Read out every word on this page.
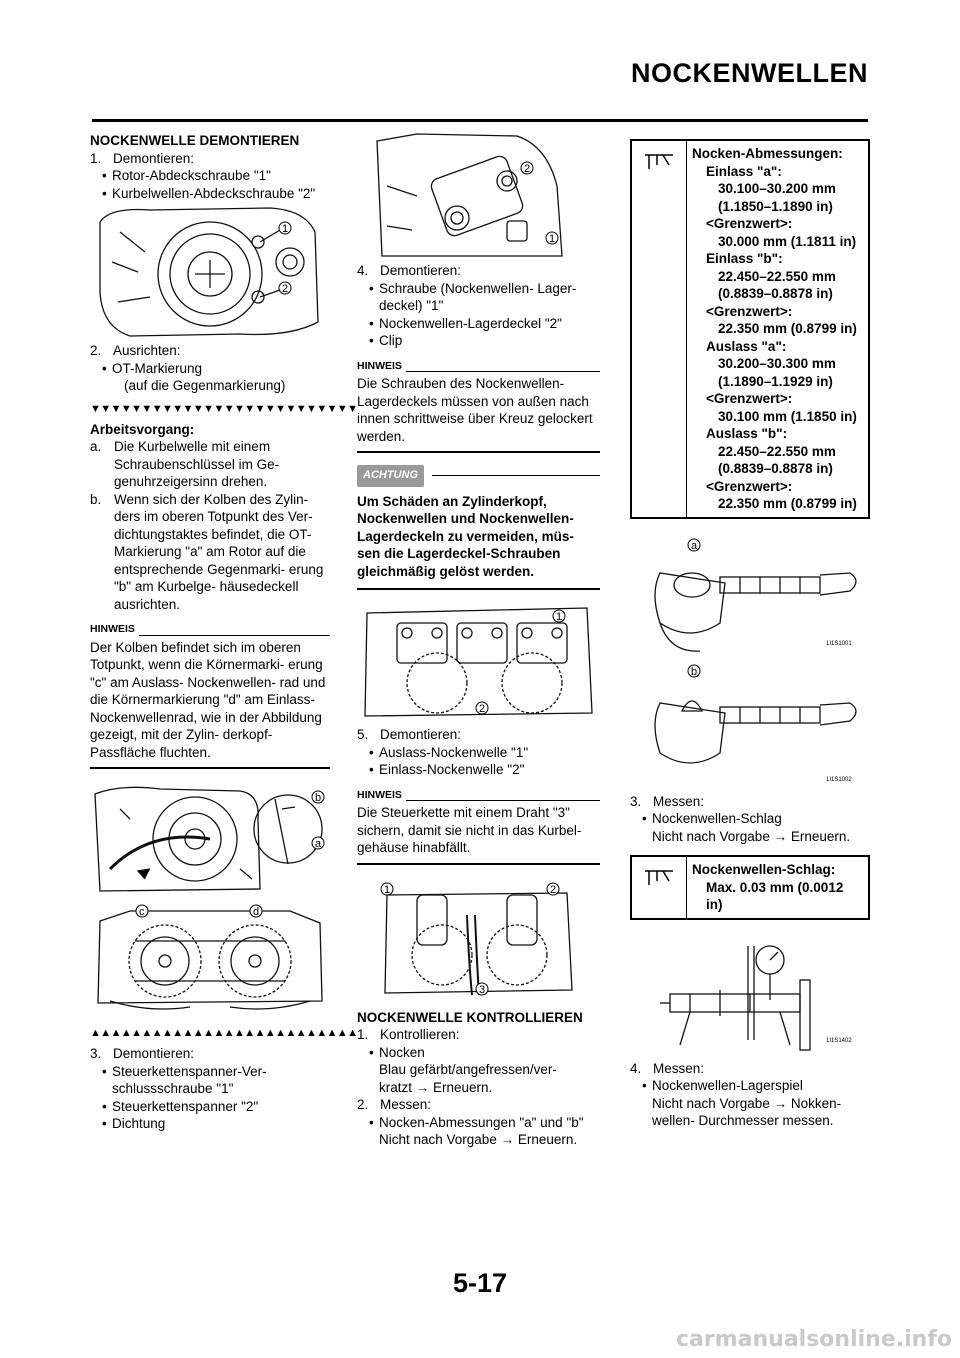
NOCKENWELLEN
NOCKENWELLE DEMONTIEREN
1. Demontieren:
• Rotor-Abdeckschraube "1"
• Kurbelwellen-Abdeckschraube "2"
1
2
2. Ausrichten:
• OT-Markierung
(auf die Gegenmarkierung)
▼▼▼▼▼▼▼▼▼▼▼▼▼▼▼▼▼▼▼▼▼▼▼▼▼▼
Arbeitsvorgang:
a. Die Kurbelwelle mit einem Schraubenschlüssel im Ge- genuhrzeigersinn drehen.
b. Wenn sich der Kolben des Zylin- ders im oberen Totpunkt des Ver- dichtungstaktes befindet, die OT- Markierung "a" am Rotor auf die entsprechende Gegenmarki- erung "b" am Kurbelge- häusedeckell ausrichten.
HINWEIS
Der Kolben befindet sich im oberen Totpunkt, wenn die Körnermarki- erung "c" am Auslass- Nockenwellen- rad und die Körnermarkierung "d" am Einlass- Nockenwellenrad, wie in der Abbildung gezeigt, mit der Zylin- derkopf- Passfläche fluchten.
b
a
c	d
▲▲▲▲▲▲▲▲▲▲▲▲▲▲▲▲▲▲▲▲▲▲▲▲▲▲
3. Demontieren:
• Steuerkettenspanner-Ver- schlussschraube "1"
• Steuerkettenspanner "2"
• Dichtung
2
1
4. Demontieren:
• Schraube (Nockenwellen- Lager- deckel) "1"
• Nockenwellen-Lagerdeckel "2"
• Clip
HINWEIS
Die Schrauben des Nockenwellen- Lagerdeckels müssen von außen nach innen schrittweise über Kreuz gelockert werden.
ACHTUNG
Um Schäden an Zylinderkopf, Nockenwellen und Nockenwellen- Lagerdeckeln zu vermeiden, müs- sen die Lagerdeckel-Schrauben gleichmäßig gelöst werden.
1
2
5. Demontieren:
• Auslass-Nockenwelle "1"
• Einlass-Nockenwelle "2"
HINWEIS
Die Steuerkette mit einem Draht "3" sichern, damit sie nicht in das Kurbel- gehäuse hinabfällt.
1	2
3
NOCKENWELLE KONTROLLIEREN
1. Kontrollieren:
• Nocken
Blau gefärbt/angefressen/ver-
kratzt → Erneuern.
2. Messen:
• Nocken-Abmessungen "a" und "b"
Nicht nach Vorgabe → Erneuern.
Nocken-Abmessungen:
Einlass "a":
30.100–30.200 mm
(1.1850–1.1890 in)
<Grenzwert>:
30.000 mm (1.1811 in)
Einlass "b":
22.450–22.550 mm
(0.8839–0.8878 in)
<Grenzwert>:
22.350 mm (0.8799 in)
Auslass "a":
30.200–30.300 mm
(1.1890–1.1929 in)
<Grenzwert>:
30.100 mm (1.1850 in)
Auslass "b":
22.450–22.550 mm
(0.8839–0.8878 in)
<Grenzwert>:
22.350 mm (0.8799 in)
a
1I1S1001
b
1I1S1002
3. Messen:
• Nockenwellen-Schlag
Nicht nach Vorgabe → Erneuern.
Nockenwellen-Schlag:
Max. 0.03 mm (0.0012
in)
1I1S1402
4. Messen:
• Nockenwellen-Lagerspiel
Nicht nach Vorgabe → Nokken-
wellen- Durchmesser messen.
5-17
carmanualsonline.info
